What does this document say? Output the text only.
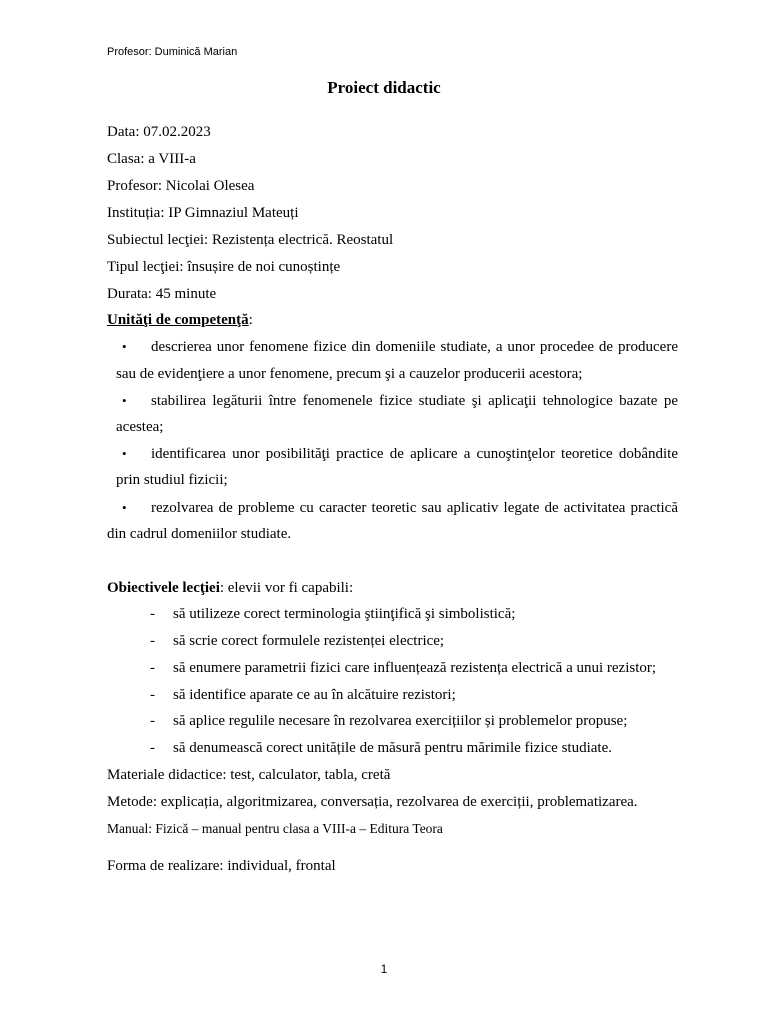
Profesor: Duminică Marian
Proiect didactic
Data: 07.02.2023
Clasa: a VIII-a
Profesor: Nicolai Olesea
Instituția: IP Gimnaziul Mateuți
Subiectul lecţiei: Rezistența electrică. Reostatul
Tipul lecţiei: însușire de noi cunoștințe
Durata: 45 minute
Unităţi de competenţă:
• descrierea unor fenomene fizice din domeniile studiate, a unor procedee de producere
sau de evidenţiere a unor fenomene, precum şi a cauzelor producerii acestora;
• stabilirea legăturii între fenomenele fizice studiate şi aplicaţii tehnologice bazate pe
acestea;
• identificarea unor posibilităţi practice de aplicare a cunoştinţelor teoretice dobândite
prin studiul fizicii;
• rezolvarea de probleme cu caracter teoretic sau aplicativ legate de activitatea practică
din cadrul domeniilor studiate.
Obiectivele lecţiei: elevii vor fi capabili:
- să utilizeze corect terminologia ştiinţifică şi simbolistică;
- să scrie corect formulele rezistenței electrice;
- să enumere parametrii fizici care influențează rezistența electrică a unui rezistor;
- să identifice aparate ce au în alcătuire rezistori;
- să aplice regulile necesare în rezolvarea exercițiilor și problemelor propuse;
- să denumească corect unitățile de măsură pentru mărimile fizice studiate.
Materiale didactice: test, calculator, tabla, cretă
Metode: explicația, algoritmizarea, conversația, rezolvarea de exerciții, problematizarea.
Manual: Fizică – manual pentru clasa a VIII-a – Editura Teora
Forma de realizare: individual, frontal
1
